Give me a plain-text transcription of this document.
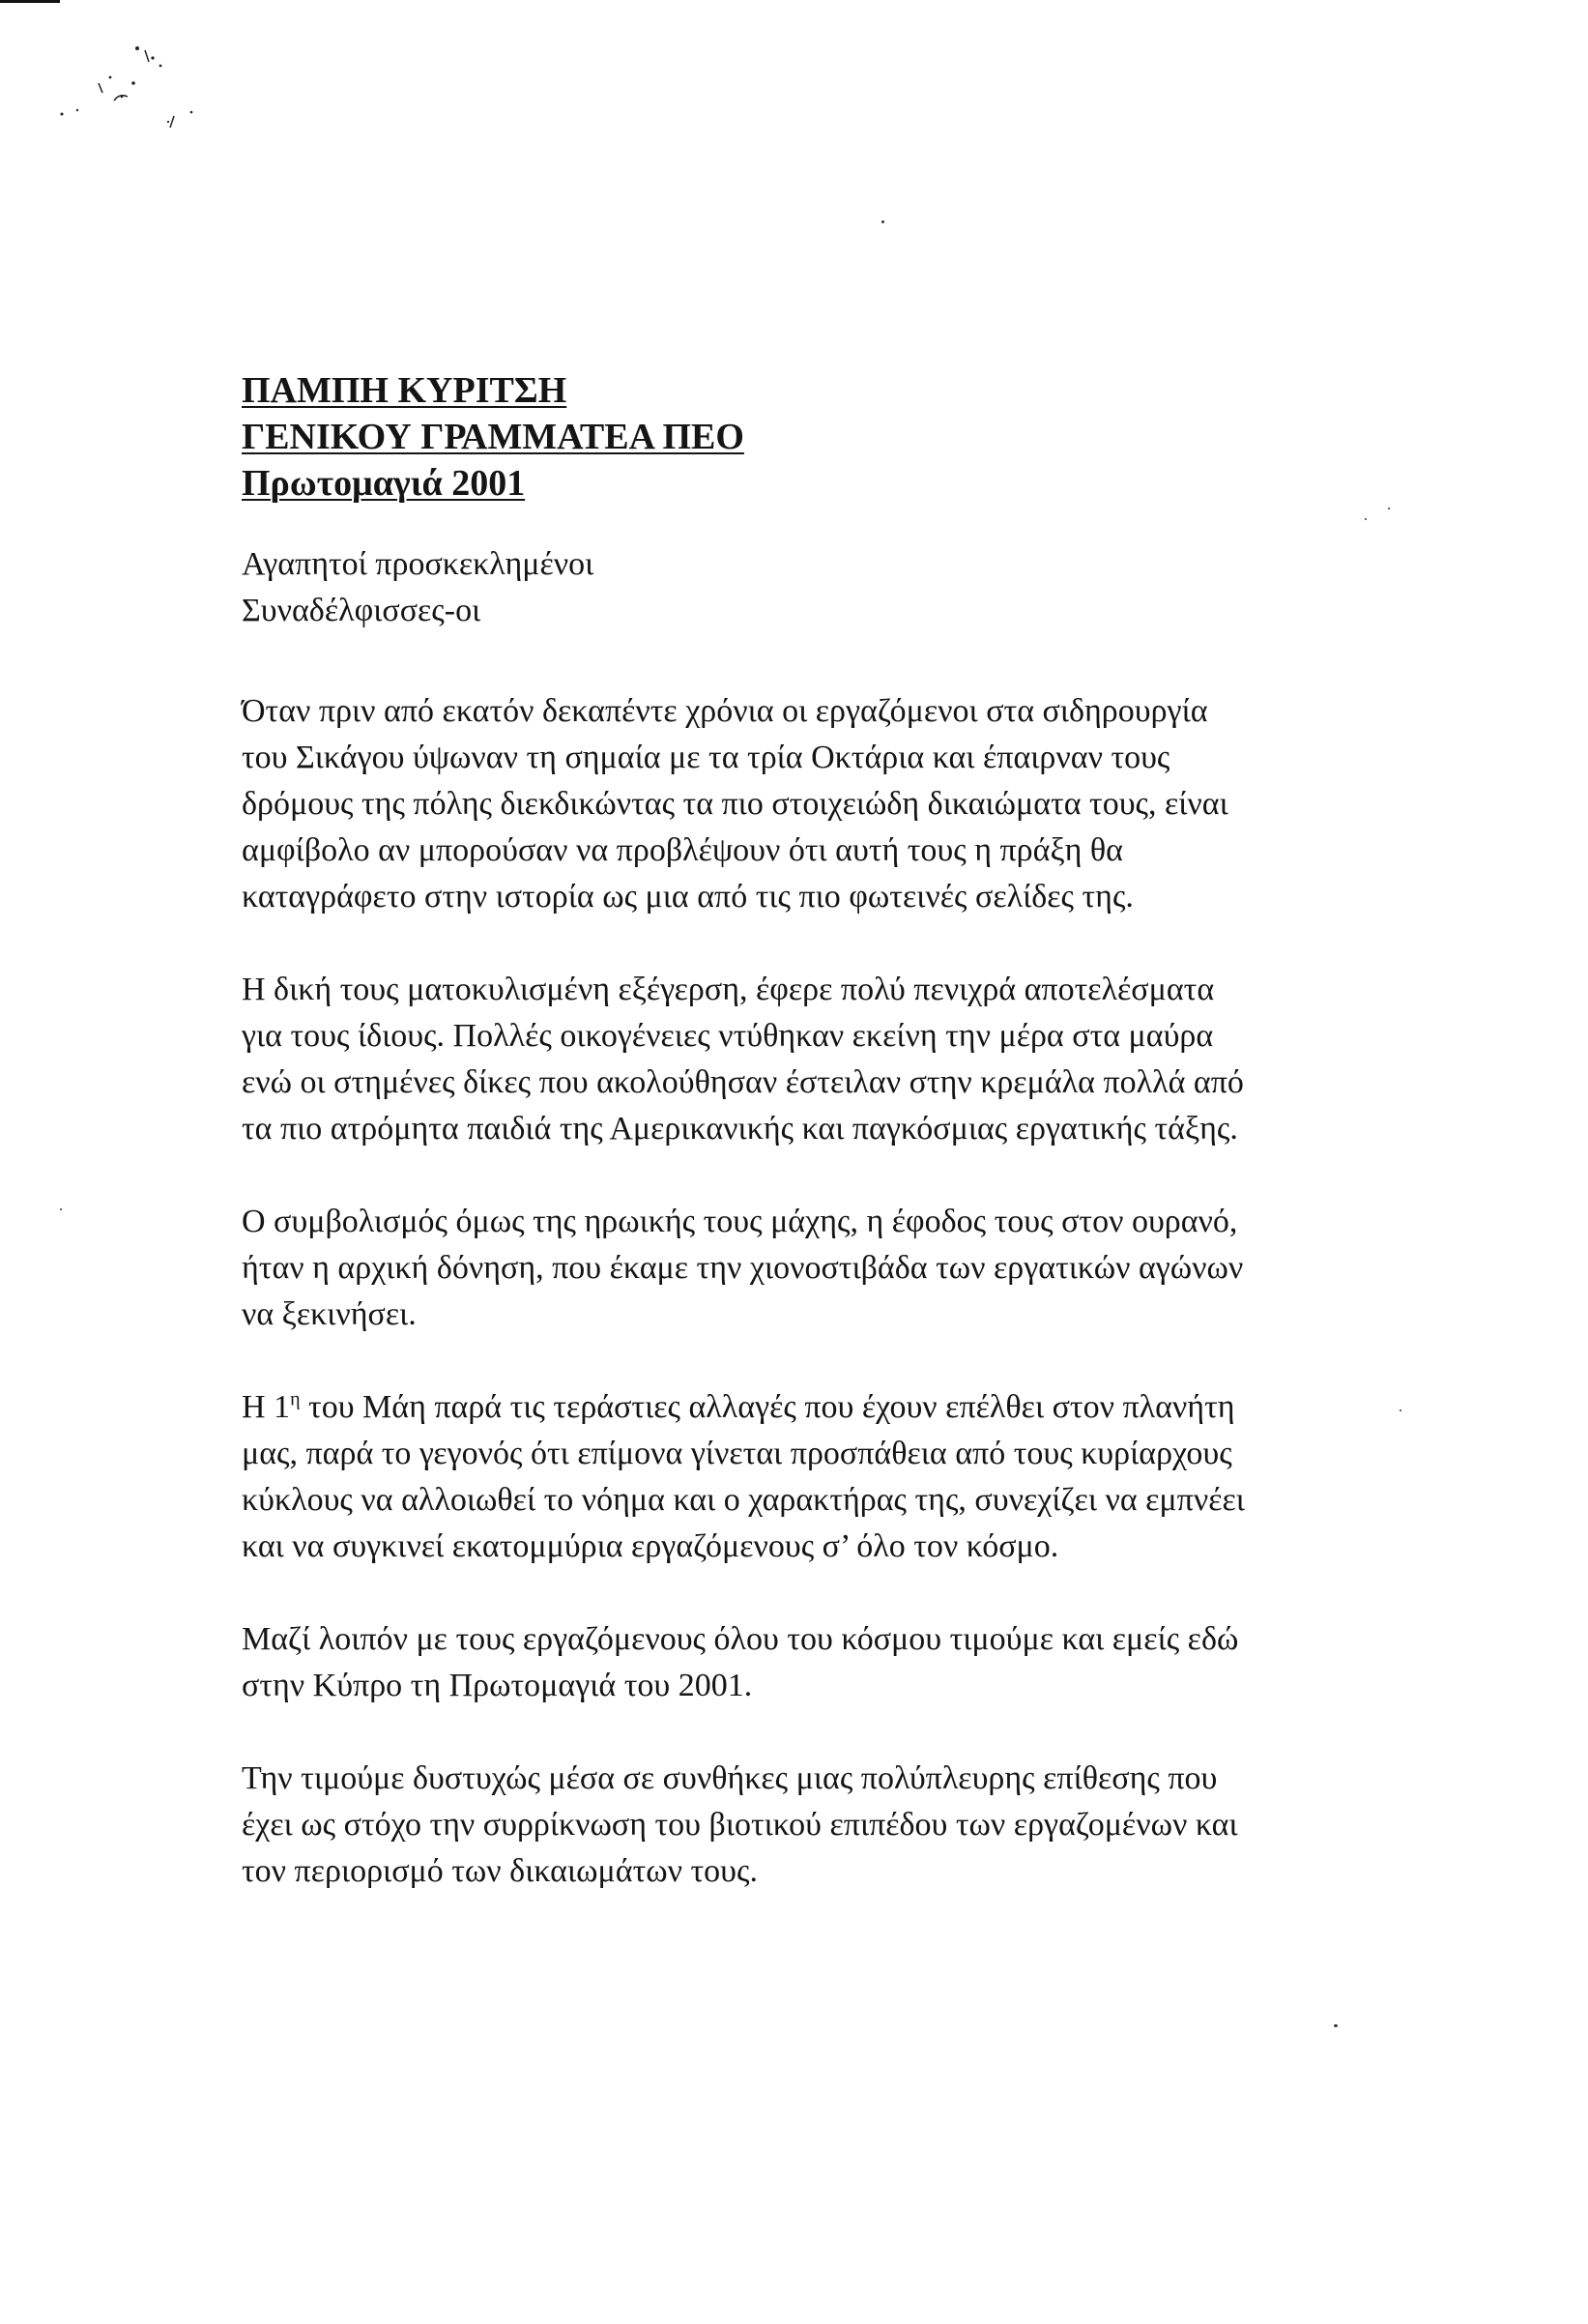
ΠΑΜΠΗ ΚΥΡΙΤΣΗ
ΓΕΝΙΚΟΥ ΓΡΑΜΜΑΤΕΑ ΠΕΟ
Πρωτομαγιά 2001
Αγαπητοί προσκεκλημένοι
Συναδέλφισσες-οι
Όταν πριν από εκατόν δεκαπέντε χρόνια οι εργαζόμενοι στα σιδηρουργία
του Σικάγου ύψωναν τη σημαία με τα τρία Οκτάρια και έπαιρναν τους
δρόμους της πόλης διεκδικώντας τα πιο στοιχειώδη δικαιώματα τους, είναι
αμφίβολο αν μπορούσαν να προβλέψουν ότι αυτή τους η πράξη θα
καταγράφετο στην ιστορία ως μια από τις πιο φωτεινές σελίδες της.
Η δική τους ματοκυλισμένη εξέγερση, έφερε πολύ πενιχρά αποτελέσματα
για τους ίδιους. Πολλές οικογένειες ντύθηκαν εκείνη την μέρα στα μαύρα
ενώ οι στημένες δίκες που ακολούθησαν έστειλαν στην κρεμάλα πολλά από
τα πιο ατρόμητα παιδιά της Αμερικανικής και παγκόσμιας εργατικής τάξης.
Ο συμβολισμός όμως της ηρωικής τους μάχης, η έφοδος τους στον ουρανό,
ήταν η αρχική δόνηση, που έκαμε την χιονοστιβάδα των εργατικών αγώνων
να ξεκινήσει.
Η $1^\eta$ του Μάη παρά τις τεράστιες αλλαγές που έχουν επέλθει στον πλανήτη
μας, παρά το γεγονός ότι επίμονα γίνεται προσπάθεια από τους κυρίαρχους
κύκλους να αλλοιωθεί το νόημα και ο χαρακτήρας της, συνεχίζει να εμπνέει
και να συγκινεί εκατομμύρια εργαζόμενους σ’ όλο τον κόσμο.
Μαζί λοιπόν με τους εργαζόμενους όλου του κόσμου τιμούμε και εμείς εδώ
στην Κύπρο τη Πρωτομαγιά του 2001.
Την τιμούμε δυστυχώς μέσα σε συνθήκες μιας πολύπλευρης επίθεσης που
έχει ως στόχο την συρρίκνωση του βιοτικού επιπέδου των εργαζομένων και
τον περιορισμό των δικαιωμάτων τους.
